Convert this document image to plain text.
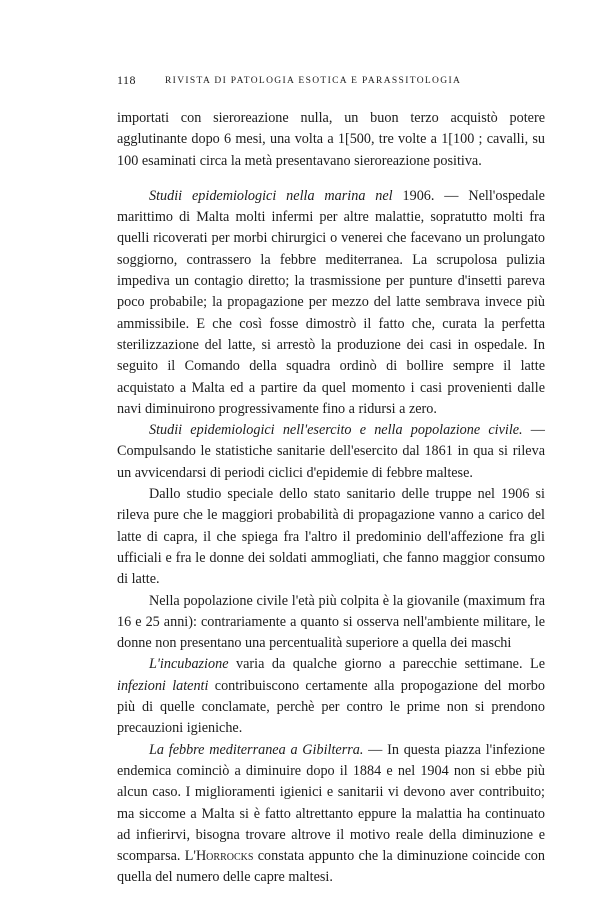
118	RIVISTA DI PATOLOGIA ESOTICA E PARASSITOLOGIA

importati con sieroreazione nulla, un buon terzo acquistò potere agglutinante dopo 6 mesi, una volta a 1[500, tre volte a 1[100 ; cavalli, su 100 esaminati circa la metà presentavano sieroreazione positiva.

Studii epidemiologici nella marina nel 1906. — Nell'ospedale marittimo di Malta molti infermi per altre malattie, sopratutto molti fra quelli ricoverati per morbi chirurgici o venerei che facevano un prolungato soggiorno, contrassero la febbre mediterranea. La scrupolosa pulizia impediva un contagio diretto; la trasmissione per punture d'insetti pareva poco probabile; la propagazione per mezzo del latte sembrava invece più ammissibile. E che così fosse dimostrò il fatto che, curata la perfetta sterilizzazione del latte, si arrestò la produzione dei casi in ospedale. In seguito il Comando della squadra ordinò di bollire sempre il latte acquistato a Malta ed a partire da quel momento i casi provenienti dalle navi diminuirono progressivamente fino a ridursi a zero.

Studii epidemiologici nell'esercito e nella popolazione civile. — Compulsando le statistiche sanitarie dell'esercito dal 1861 in qua si rileva un avvicendarsi di periodi ciclici d'epidemie di febbre maltese.

Dallo studio speciale dello stato sanitario delle truppe nel 1906 si rileva pure che le maggiori probabilità di propagazione vanno a carico del latte di capra, il che spiega fra l'altro il predominio dell'affezione fra gli ufficiali e fra le donne dei soldati ammogliati, che fanno maggior consumo di latte.

Nella popolazione civile l'età più colpita è la giovanile (maximum fra 16 e 25 anni): contrariamente a quanto si osserva nell'ambiente militare, le donne non presentano una percentualità superiore a quella dei maschi

L'incubazione varia da qualche giorno a parecchie settimane. Le infezioni latenti contribuiscono certamente alla propogazione del morbo più di quelle conclamate, perchè per contro le prime non si prendono precauzioni igieniche.

La febbre mediterranea a Gibilterra. — In questa piazza l'infezione endemica cominciò a diminuire dopo il 1884 e nel 1904 non si ebbe più alcun caso. I miglioramenti igienici e sanitarii vi devono aver contribuito; ma siccome a Malta si è fatto altrettanto eppure la malattia ha continuato ad infierirvi, bisogna trovare altrove il motivo reale della diminuzione e scomparsa. L'Horrocks constata appunto che la diminuzione coincide con quella del numero delle capre maltesi.
